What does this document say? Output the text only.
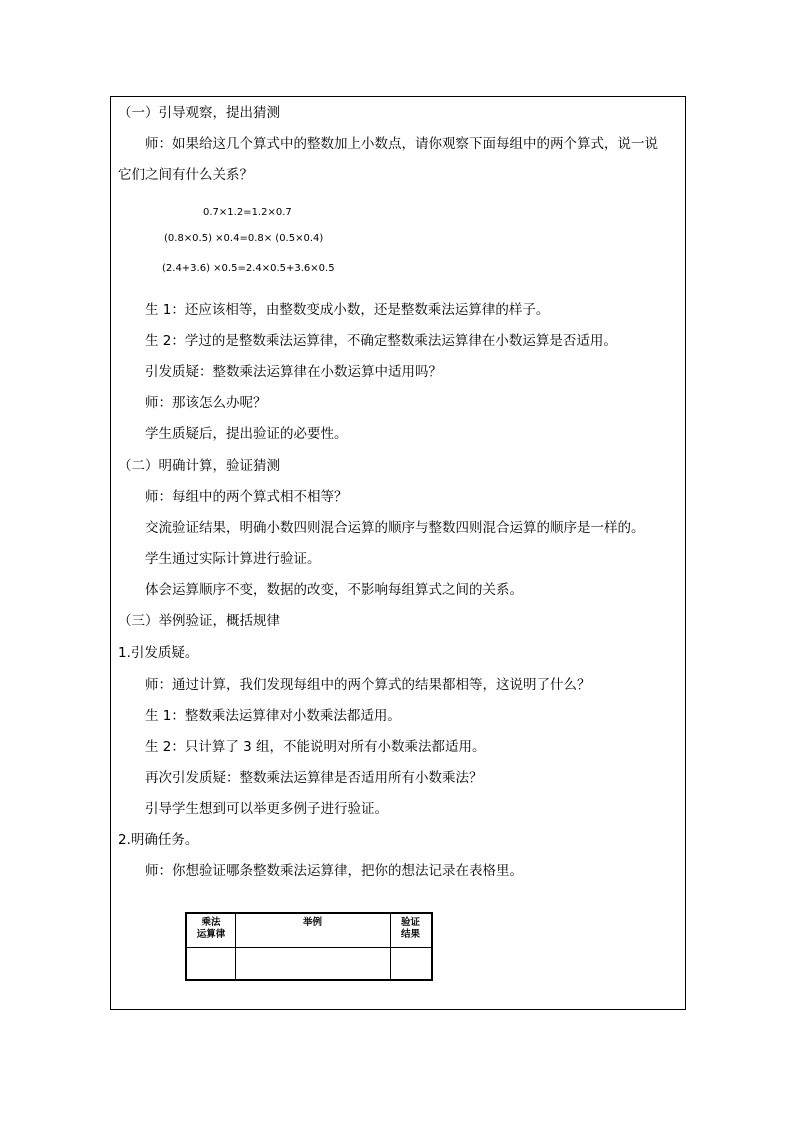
（一）引导观察，提出猜测
师：如果给这几个算式中的整数加上小数点，请你观察下面每组中的两个算式，说一说
它们之间有什么关系？
0.7×1.2=1.2×0.7
(0.8×0.5) ×0.4=0.8× (0.5×0.4)
(2.4+3.6) ×0.5=2.4×0.5+3.6×0.5
生 1：还应该相等，由整数变成小数，还是整数乘法运算律的样子。
生 2：学过的是整数乘法运算律，不确定整数乘法运算律在小数运算是否适用。
引发质疑：整数乘法运算律在小数运算中适用吗？
师：那该怎么办呢？
学生质疑后，提出验证的必要性。
（二）明确计算，验证猜测
师：每组中的两个算式相不相等？
交流验证结果，明确小数四则混合运算的顺序与整数四则混合运算的顺序是一样的。
学生通过实际计算进行验证。
体会运算顺序不变，数据的改变，不影响每组算式之间的关系。
（三）举例验证，概括规律
1.引发质疑。
师：通过计算，我们发现每组中的两个算式的结果都相等，这说明了什么？
生 1：整数乘法运算律对小数乘法都适用。
生 2：只计算了 3 组，不能说明对所有小数乘法都适用。
再次引发质疑：整数乘法运算律是否适用所有小数乘法？
引导学生想到可以举更多例子进行验证。
2.明确任务。
师：你想验证哪条整数乘法运算律，把你的想法记录在表格里。
乘法
运算律
举例	验证
结果
